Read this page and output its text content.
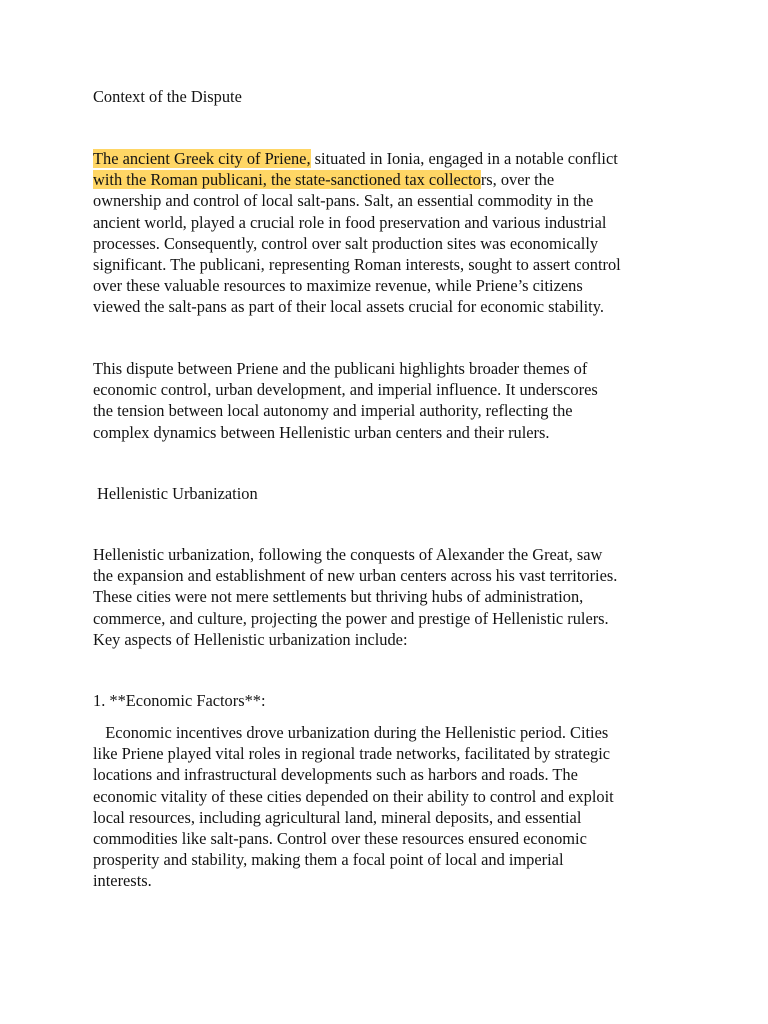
Context of the Dispute
The ancient Greek city of Priene, situated in Ionia, engaged in a notable conflict
with the Roman publicani, the state-sanctioned tax collectors, over the
ownership and control of local salt-pans. Salt, an essential commodity in the
ancient world, played a crucial role in food preservation and various industrial
processes. Consequently, control over salt production sites was economically
significant. The publicani, representing Roman interests, sought to assert control
over these valuable resources to maximize revenue, while Priene’s citizens
viewed the salt-pans as part of their local assets crucial for economic stability.
This dispute between Priene and the publicani highlights broader themes of
economic control, urban development, and imperial influence. It underscores
the tension between local autonomy and imperial authority, reflecting the
complex dynamics between Hellenistic urban centers and their rulers.
Hellenistic Urbanization
Hellenistic urbanization, following the conquests of Alexander the Great, saw
the expansion and establishment of new urban centers across his vast territories.
These cities were not mere settlements but thriving hubs of administration,
commerce, and culture, projecting the power and prestige of Hellenistic rulers.
Key aspects of Hellenistic urbanization include:
1. **Economic Factors**:
Economic incentives drove urbanization during the Hellenistic period. Cities
like Priene played vital roles in regional trade networks, facilitated by strategic
locations and infrastructural developments such as harbors and roads. The
economic vitality of these cities depended on their ability to control and exploit
local resources, including agricultural land, mineral deposits, and essential
commodities like salt-pans. Control over these resources ensured economic
prosperity and stability, making them a focal point of local and imperial
interests.
